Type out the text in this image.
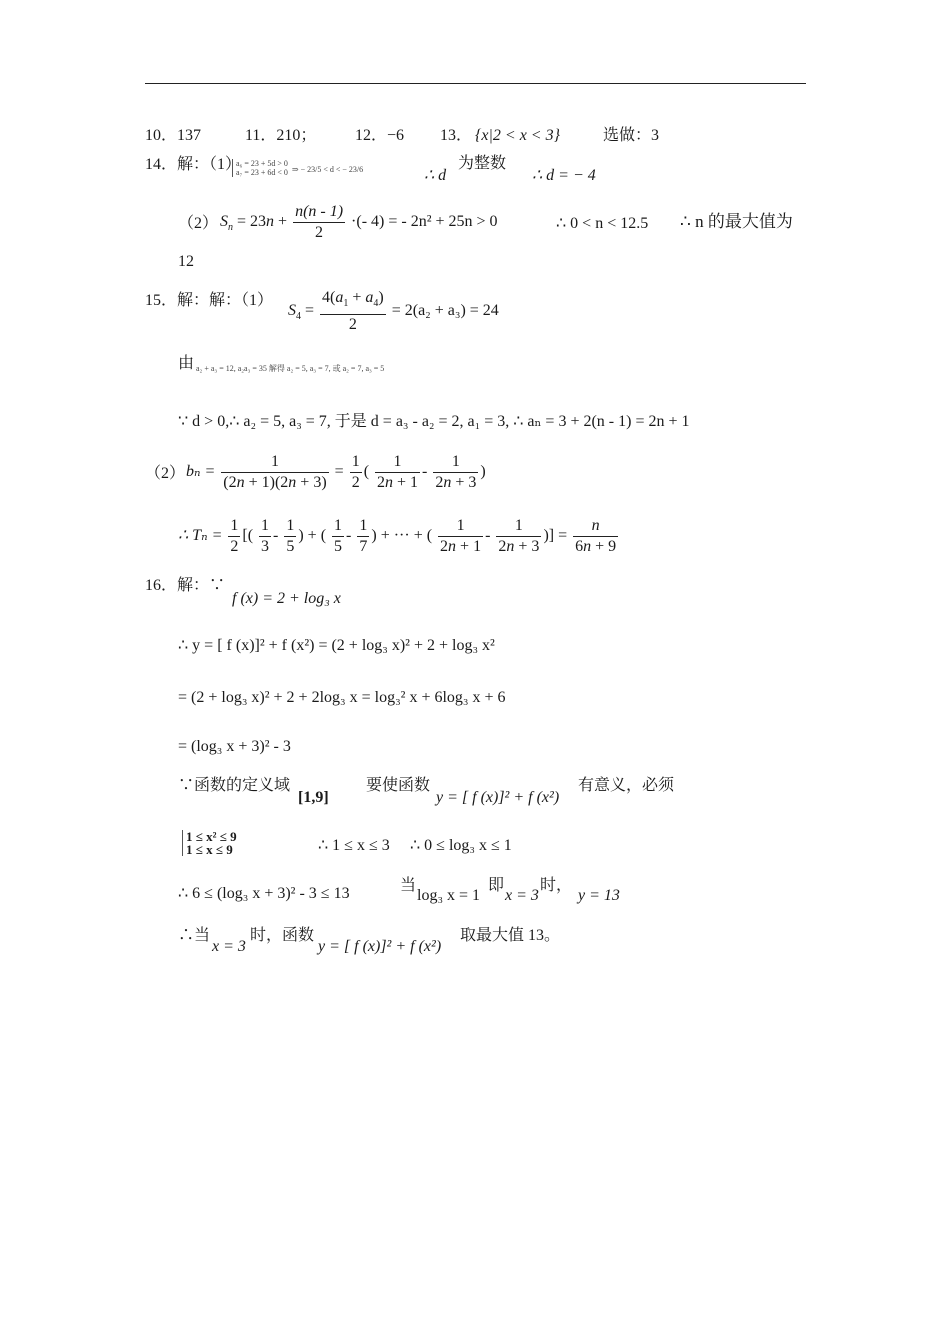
10．137	11．210； 12．−6 13． {x|2 < x < 3}	选做：3
14．解：（1）
a₆ = 23 + 5d > 0
a₇ = 23 + 6d < 0 ⇒ − 23/5 < d < − 23/6	∴ d
为整数
∴ d = − 4
（2） $S_n = 23n + \frac{n(n - 1)}{2}$ ·(- 4) = - 2n² + 25n > 0	∴ 0 < n < 12.5 ∴ n 的最大值为
12
15．解：解：（1）
$S_4 = \frac{4(a_1 + a_4)}{2} = 2(a_2 + a_3) = 24$
由 a₂ + a₃ = 12, a₂a₃ = 35 解得 a₂ = 5, a₃ = 7, 或 a₂ = 7, a₃ = 5
∵ d > 0,∴ a₂ = 5, a₃ = 7, 于是 d = a₃ - a₂ = 2, a₁ = 3, ∴ aₙ = 3 + 2(n - 1) = 2n + 1
（2） $b_n = \frac{1}{(2n + 1)(2n + 3)} = \frac{1}{2}$ ( $\frac{1}{2n + 1} - \frac{1}{2n + 3}$ )
∴ $T_n = \frac{1}{2}$ [( $\frac{1}{3} - \frac{1}{5}$ ) + ( $\frac{1}{5} - \frac{1}{7}$ ) + ··· + ( $\frac{1}{2n + 1} - \frac{1}{2n + 3}$ )] = $\frac{n}{6n + 9}$
16．解：∵
f (x) = 2 + log₃ x
∴ y = [ f (x)]² + f (x²) = (2 + log₃ x)² + 2 + log₃ x²
= (2 + log₃ x)² + 2 + 2log₃ x = log₃² x + 6log₃ x + 6
= (log₃ x + 3)² - 3
∵函数的定义域
[1,9]
要使函数
y = [ f (x)]² + f (x²)
有意义，必须
1 ≤ x² ≤ 9
1 ≤ x ≤ 9	∴ 1 ≤ x ≤ 3 ∴ 0 ≤ log₃ x ≤ 1
∴ 6 ≤ (log₃ x + 3)² - 3 ≤ 13	当
log₃ x = 1
即
x = 3
时，
y = 13
∴当
x = 3
时，函数
y = [ f (x)]² + f (x²)
取最大值 13。
